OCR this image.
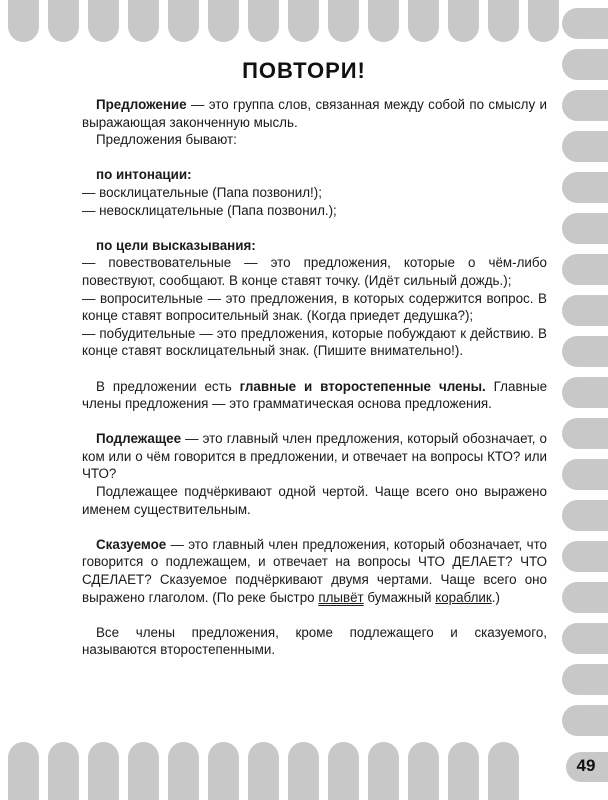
ПОВТОРИ!

Предложение — это группа слов, связанная между собой по смыслу и выражающая законченную мысль.

Предложения бывают:

по интонации:

— восклицательные (Папа позвонил!);

— невосклицательные (Папа позвонил.);

по цели высказывания:

— повествовательные — это предложения, которые о чём-либо повествуют, сообщают. В конце ставят точку. (Идёт сильный дождь.);

— вопросительные — это предложения, в которых содержится вопрос. В конце ставят вопросительный знак. (Когда приедет дедушка?);

— побудительные — это предложения, которые побуждают к действию. В конце ставят восклицательный знак. (Пишите внимательно!).

В предложении есть главные и второстепенные члены. Главные члены предложения — это грамматическая основа предложения.

Подлежащее — это главный член предложения, который обозначает, о ком или о чём говорится в предложении, и отвечает на вопросы КТО? или ЧТО?

Подлежащее подчёркивают одной чертой. Чаще всего оно выражено именем существительным.

Сказуемое — это главный член предложения, который обозначает, что говорится о подлежащем, и отвечает на вопросы ЧТО ДЕЛАЕТ? ЧТО СДЕЛАЕТ? Сказуемое подчёркивают двумя чертами. Чаще всего оно выражено глаголом. (По реке быстро плывёт бумажный кораблик.)

Все члены предложения, кроме подлежащего и сказуемого, называются второстепенными.

49
